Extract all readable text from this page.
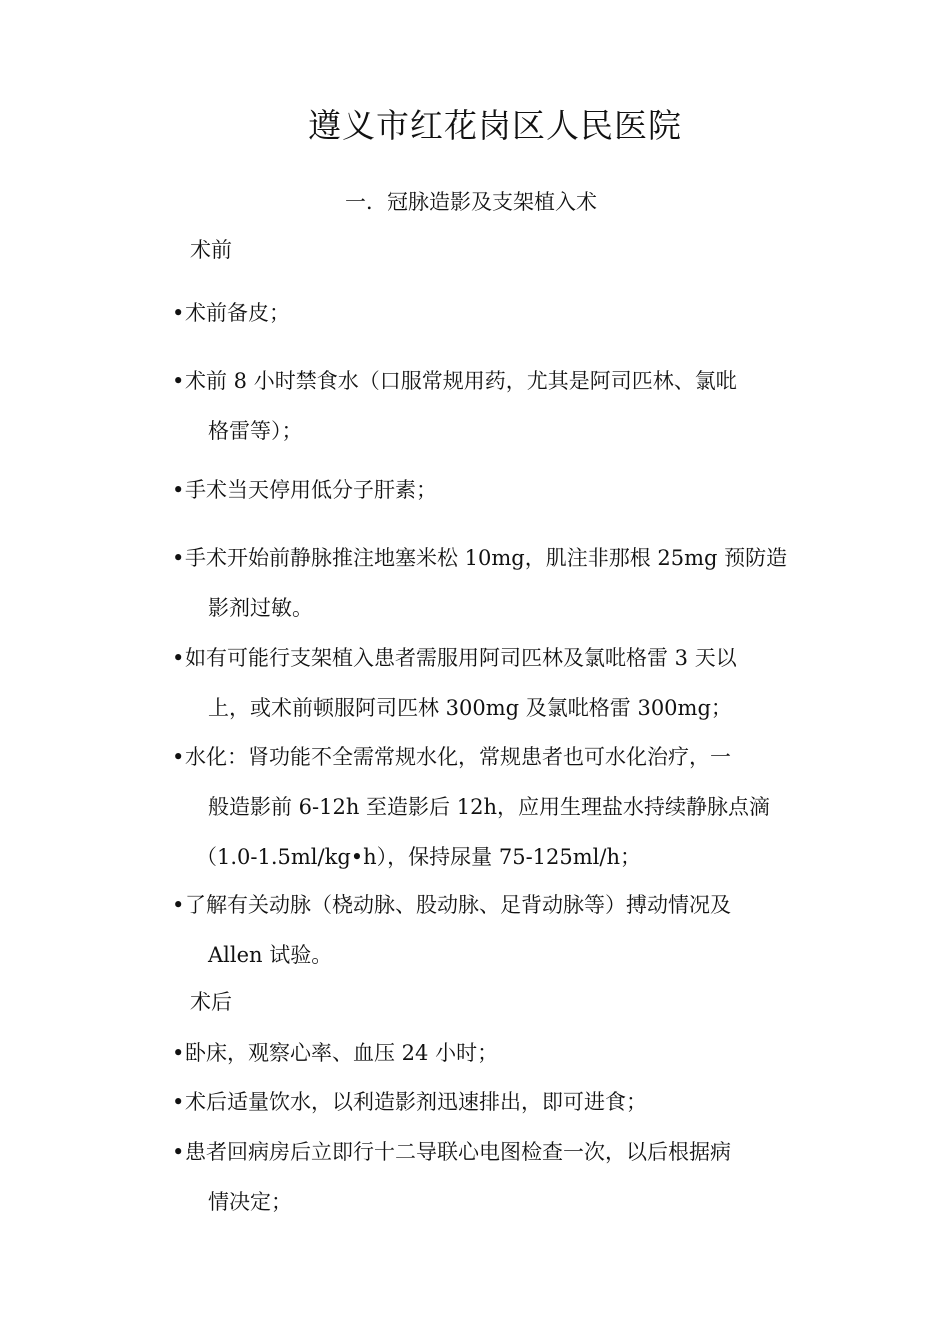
遵义市红花岗区人民医院
一．冠脉造影及支架植入术
术前
•术前备皮；
•术前 8 小时禁食水（口服常规用药，尤其是阿司匹林、氯吡
格雷等）；
•手术当天停用低分子肝素；
•手术开始前静脉推注地塞米松 10mg，肌注非那根 25mg 预防造
影剂过敏。
•如有可能行支架植入患者需服用阿司匹林及氯吡格雷 3 天以
上，或术前顿服阿司匹林 300mg 及氯吡格雷 300mg；
•水化：肾功能不全需常规水化，常规患者也可水化治疗，一
般造影前 6-12h 至造影后 12h，应用生理盐水持续静脉点滴
（1.0-1.5ml/kg•h），保持尿量 75-125ml/h；
•了解有关动脉（桡动脉、股动脉、足背动脉等）搏动情况及
Allen 试验。
术后
•卧床，观察心率、血压 24 小时；
•术后适量饮水，以利造影剂迅速排出，即可进食；
•患者回病房后立即行十二导联心电图检查一次，以后根据病
情决定；
